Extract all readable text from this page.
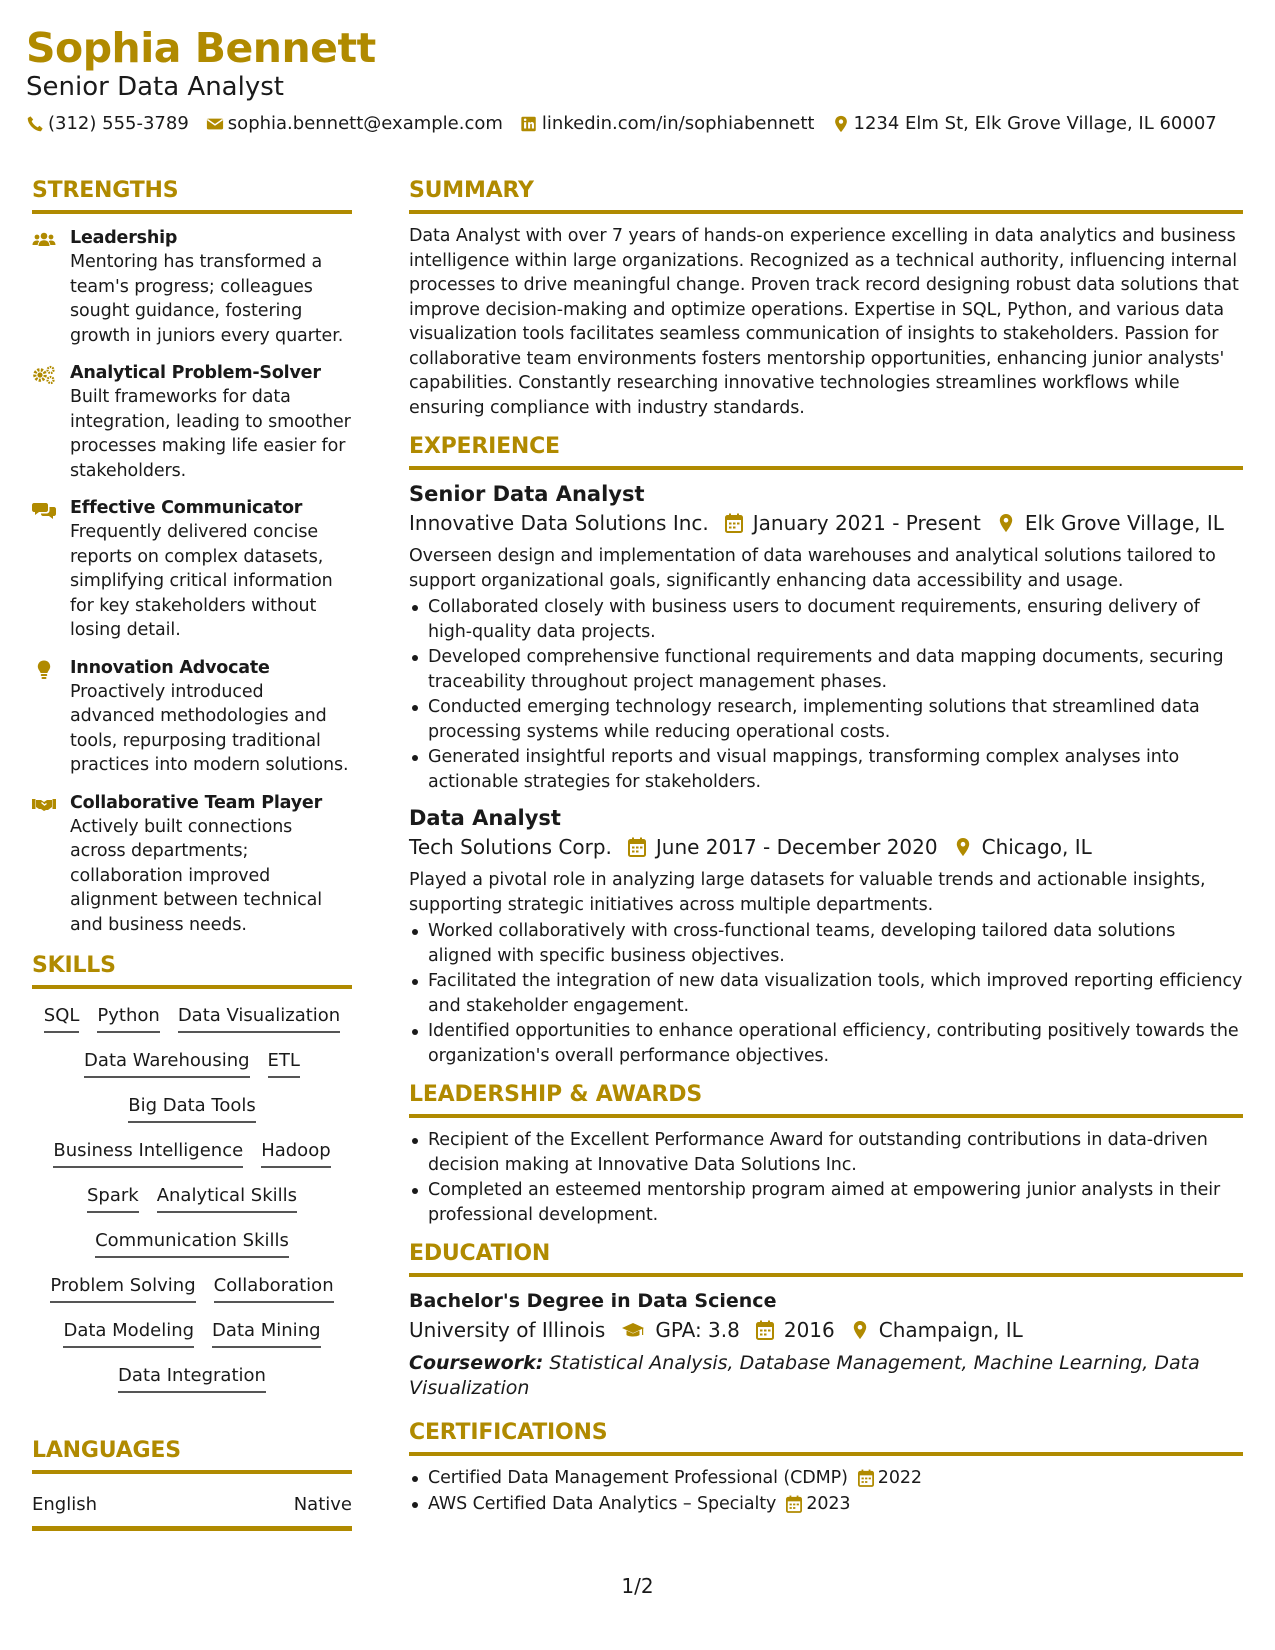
Sophia Bennett
Senior Data Analyst
(312) 555-3789 sophia.bennett@example.com linkedin.com/in/sophiabennett 1234 Elm St, Elk Grove Village, IL 60007
STRENGTHS
Leadership
Mentoring has transformed a team's progress; colleagues sought guidance, fostering growth in juniors every quarter.
Analytical Problem-Solver
Built frameworks for data integration, leading to smoother processes making life easier for stakeholders.
Effective Communicator
Frequently delivered concise reports on complex datasets, simplifying critical information for key stakeholders without losing detail.
Innovation Advocate
Proactively introduced advanced methodologies and tools, repurposing traditional practices into modern solutions.
Collaborative Team Player
Actively built connections across departments; collaboration improved alignment between technical and business needs.
SKILLS
SQL Python Data Visualization
Data Warehousing ETL
Big Data Tools
Business Intelligence Hadoop
Spark Analytical Skills
Communication Skills
Problem Solving Collaboration
Data Modeling Data Mining
Data Integration
LANGUAGES
English	Native
SUMMARY
Data Analyst with over 7 years of hands-on experience excelling in data analytics and business intelligence within large organizations. Recognized as a technical authority, influencing internal processes to drive meaningful change. Proven track record designing robust data solutions that improve decision-making and optimize operations. Expertise in SQL, Python, and various data visualization tools facilitates seamless communication of insights to stakeholders. Passion for collaborative team environments fosters mentorship opportunities, enhancing junior analysts' capabilities. Constantly researching innovative technologies streamlines workflows while ensuring compliance with industry standards.
EXPERIENCE
Senior Data Analyst
Innovative Data Solutions Inc. January 2021 - Present Elk Grove Village, IL
Overseen design and implementation of data warehouses and analytical solutions tailored to support organizational goals, significantly enhancing data accessibility and usage.
Collaborated closely with business users to document requirements, ensuring delivery of high-quality data projects.
Developed comprehensive functional requirements and data mapping documents, securing traceability throughout project management phases.
Conducted emerging technology research, implementing solutions that streamlined data processing systems while reducing operational costs.
Generated insightful reports and visual mappings, transforming complex analyses into actionable strategies for stakeholders.
Data Analyst
Tech Solutions Corp. June 2017 - December 2020 Chicago, IL
Played a pivotal role in analyzing large datasets for valuable trends and actionable insights, supporting strategic initiatives across multiple departments.
Worked collaboratively with cross-functional teams, developing tailored data solutions aligned with specific business objectives.
Facilitated the integration of new data visualization tools, which improved reporting efficiency and stakeholder engagement.
Identified opportunities to enhance operational efficiency, contributing positively towards the organization's overall performance objectives.
LEADERSHIP & AWARDS
Recipient of the Excellent Performance Award for outstanding contributions in data-driven decision making at Innovative Data Solutions Inc.
Completed an esteemed mentorship program aimed at empowering junior analysts in their professional development.
EDUCATION
Bachelor's Degree in Data Science
University of Illinois	GPA: 3.8 2016 Champaign, IL
Coursework: Statistical Analysis, Database Management, Machine Learning, Data Visualization
CERTIFICATIONS
Certified Data Management Professional (CDMP) 2022
AWS Certified Data Analytics – Specialty 2023
1/2
